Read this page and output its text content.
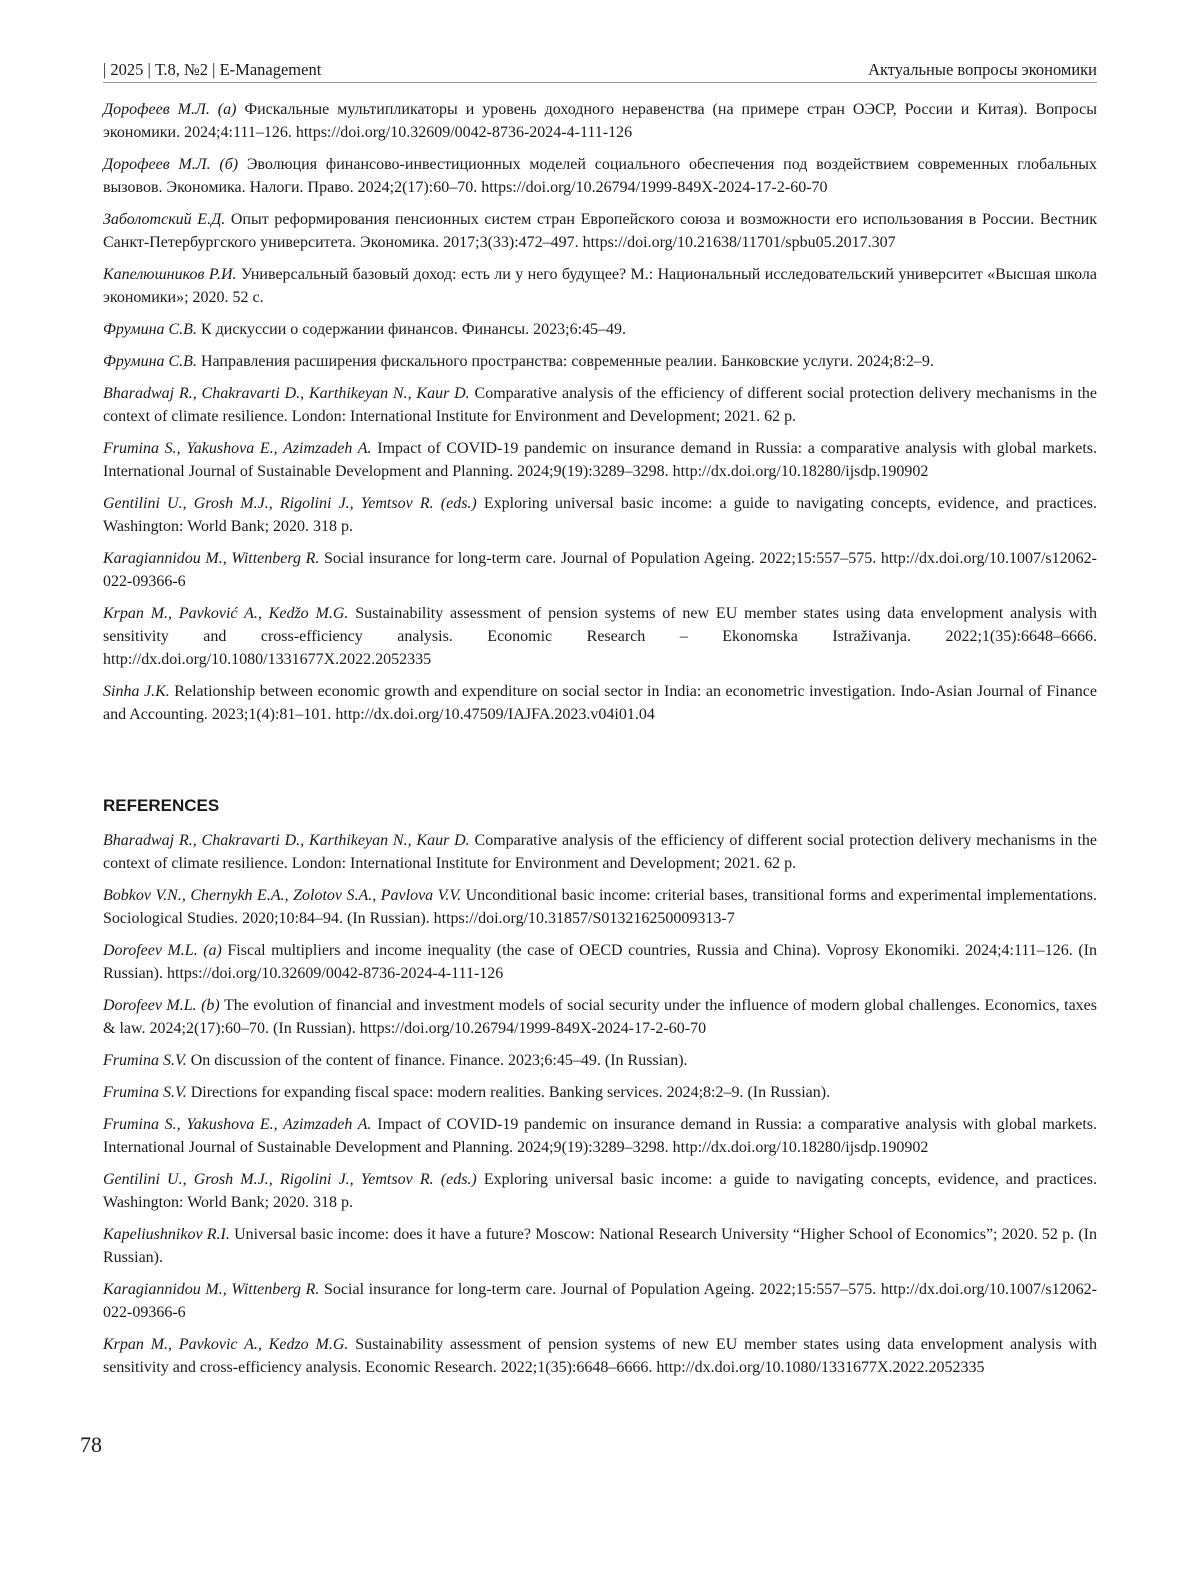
| 2025 | Т.8, №2 | E-Management	Актуальные вопросы экономики

Дорофеев М.Л. (а) Фискальные мультипликаторы и уровень доходного неравенства (на примере стран ОЭСР, России и Китая). Вопросы экономики. 2024;4:111–126. https://doi.org/10.32609/0042-8736-2024-4-111-126

Дорофеев М.Л. (б) Эволюция финансово-инвестиционных моделей социального обеспечения под воздействием современных глобальных вызовов. Экономика. Налоги. Право. 2024;2(17):60–70. https://doi.org/10.26794/1999-849X-2024-17-2-60-70

Заболотский Е.Д. Опыт реформирования пенсионных систем стран Европейского союза и возможности его использования в России. Вестник Санкт-Петербургского университета. Экономика. 2017;3(33):472–497. https://doi.org/10.21638/11701/spbu05.2017.307

Капелюшников Р.И. Универсальный базовый доход: есть ли у него будущее? М.: Национальный исследовательский университет «Высшая школа экономики»; 2020. 52 с.

Фрумина С.В. К дискуссии о содержании финансов. Финансы. 2023;6:45–49.

Фрумина С.В. Направления расширения фискального пространства: современные реалии. Банковские услуги. 2024;8:2–9.

Bharadwaj R., Chakravarti D., Karthikeyan N., Kaur D. Comparative analysis of the efficiency of different social protection delivery mechanisms in the context of climate resilience. London: International Institute for Environment and Development; 2021. 62 p.

Frumina S., Yakushova E., Azimzadeh A. Impact of COVID-19 pandemic on insurance demand in Russia: a comparative analysis with global markets. International Journal of Sustainable Development and Planning. 2024;9(19):3289–3298. http://dx.doi.org/10.18280/ijsdp.190902

Gentilini U., Grosh M.J., Rigolini J., Yemtsov R. (eds.) Exploring universal basic income: a guide to navigating concepts, evidence, and practices. Washington: World Bank; 2020. 318 p.

Karagiannidou M., Wittenberg R. Social insurance for long-term care. Journal of Population Ageing. 2022;15:557–575. http://dx.doi.org/10.1007/s12062-022-09366-6

Krpan M., Pavković A., Kedžo M.G. Sustainability assessment of pension systems of new EU member states using data envelopment analysis with sensitivity and cross-efficiency analysis. Economic Research – Ekonomska Istraživanja. 2022;1(35):6648–6666. http://dx.doi.org/10.1080/1331677X.2022.2052335

Sinha J.K. Relationship between economic growth and expenditure on social sector in India: an econometric investigation. Indo-Asian Journal of Finance and Accounting. 2023;1(4):81–101. http://dx.doi.org/10.47509/IAJFA.2023.v04i01.04

REFERENCES

Bharadwaj R., Chakravarti D., Karthikeyan N., Kaur D. Comparative analysis of the efficiency of different social protection delivery mechanisms in the context of climate resilience. London: International Institute for Environment and Development; 2021. 62 p.

Bobkov V.N., Chernykh E.A., Zolotov S.A., Pavlova V.V. Unconditional basic income: criterial bases, transitional forms and experimental implementations. Sociological Studies. 2020;10:84–94. (In Russian). https://doi.org/10.31857/S013216250009313-7

Dorofeev M.L. (a) Fiscal multipliers and income inequality (the case of OECD countries, Russia and China). Voprosy Ekonomiki. 2024;4:111–126. (In Russian). https://doi.org/10.32609/0042-8736-2024-4-111-126

Dorofeev M.L. (b) The evolution of financial and investment models of social security under the influence of modern global challenges. Economics, taxes & law. 2024;2(17):60–70. (In Russian). https://doi.org/10.26794/1999-849X-2024-17-2-60-70

Frumina S.V. On discussion of the content of finance. Finance. 2023;6:45–49. (In Russian).

Frumina S.V. Directions for expanding fiscal space: modern realities. Banking services. 2024;8:2–9. (In Russian).

Frumina S., Yakushova E., Azimzadeh A. Impact of COVID-19 pandemic on insurance demand in Russia: a comparative analysis with global markets. International Journal of Sustainable Development and Planning. 2024;9(19):3289–3298. http://dx.doi.org/10.18280/ijsdp.190902

Gentilini U., Grosh M.J., Rigolini J., Yemtsov R. (eds.) Exploring universal basic income: a guide to navigating concepts, evidence, and practices. Washington: World Bank; 2020. 318 p.

Kapeliushnikov R.I. Universal basic income: does it have a future? Moscow: National Research University “Higher School of Economics”; 2020. 52 p. (In Russian).

Karagiannidou M., Wittenberg R. Social insurance for long-term care. Journal of Population Ageing. 2022;15:557–575. http://dx.doi.org/10.1007/s12062-022-09366-6

Krpan M., Pavkovic A., Kedzo M.G. Sustainability assessment of pension systems of new EU member states using data envelopment analysis with sensitivity and cross-efficiency analysis. Economic Research. 2022;1(35):6648–6666. http://dx.doi.org/10.1080/1331677X.2022.2052335

78
